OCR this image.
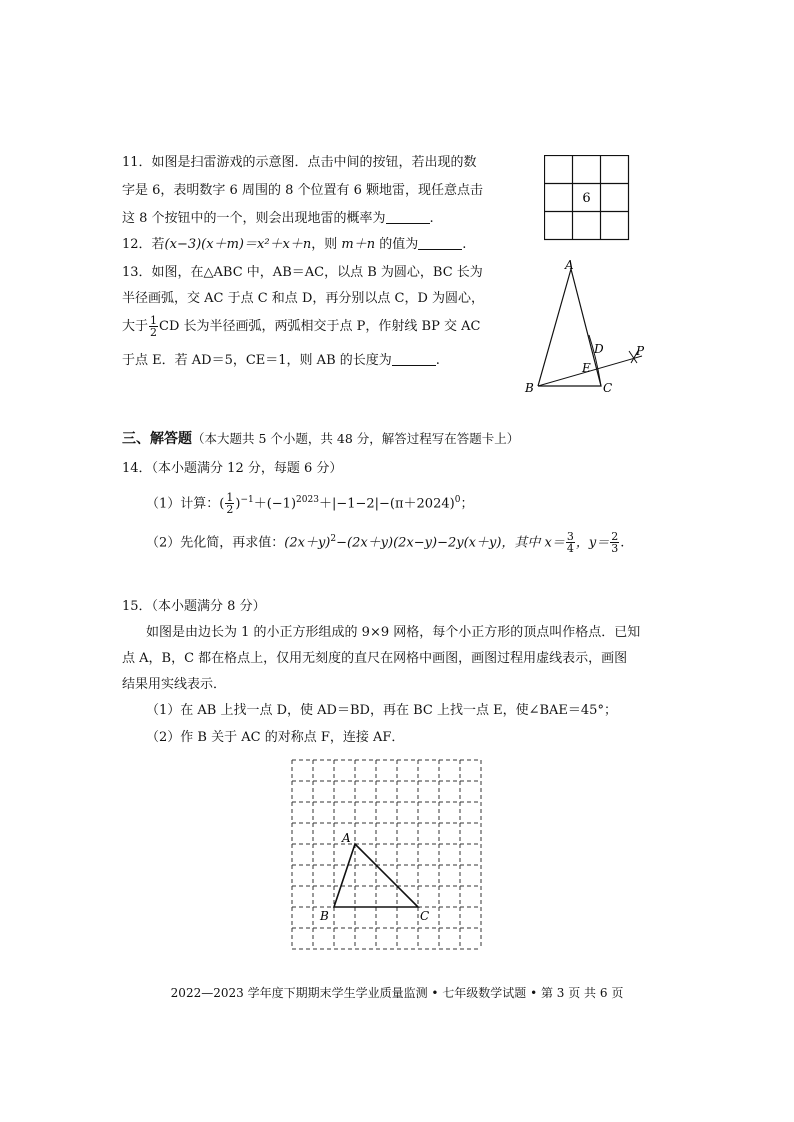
11．如图是扫雷游戏的示意图．点击中间的按钮，若出现的数
字是 6，表明数字 6 周围的 8 个位置有 6 颗地雷，现任意点击
这 8 个按钮中的一个，则会出现地雷的概率为	.
6
12．若(x−3)(x＋m)＝x²＋x＋n，则 m＋n 的值为	.
13．如图，在△ABC 中，AB＝AC，以点 B 为圆心，BC 长为
半径画弧，交 AC 于点 C 和点 D，再分别以点 C，D 为圆心，
大于 $\frac{1}{2}$ CD 长为半径画弧，两弧相交于点 P，作射线 BP 交 AC
于点 E．若 AD＝5，CE＝1，则 AB 的长度为	.
A
B	C
D
E
P
三、解答题（本大题共 5 个小题，共 48 分，解答过程写在答题卡上）
14．（本小题满分 12 分，每题 6 分）
（1）计算：( $\frac{1}{2} )^{-1}+(-1)^{2023}+|-1-2|-(\pi+2024)^0$；
（2）先化简，再求值：$(2x+y)^2-(2x+y)(2x-y)-2y(x+y)$，其中 $x= \frac{3}{4}$ ，$y= \frac{2}{3}$ .
15．（本小题满分 8 分）
如图是由边长为 1 的小正方形组成的 9×9 网格，每个小正方形的顶点叫作格点．已知
点 A，B，C 都在格点上，仅用无刻度的直尺在网格中画图，画图过程用虚线表示，画图
结果用实线表示．
（1）在 AB 上找一点 D，使 AD＝BD，再在 BC 上找一点 E，使∠BAE＝45°；
（2）作 B 关于 AC 的对称点 F，连接 AF．
A
B	C
2022—2023 学年度下期期末学生学业质量监测 • 七年级数学试题 • 第 3 页 共 6 页
